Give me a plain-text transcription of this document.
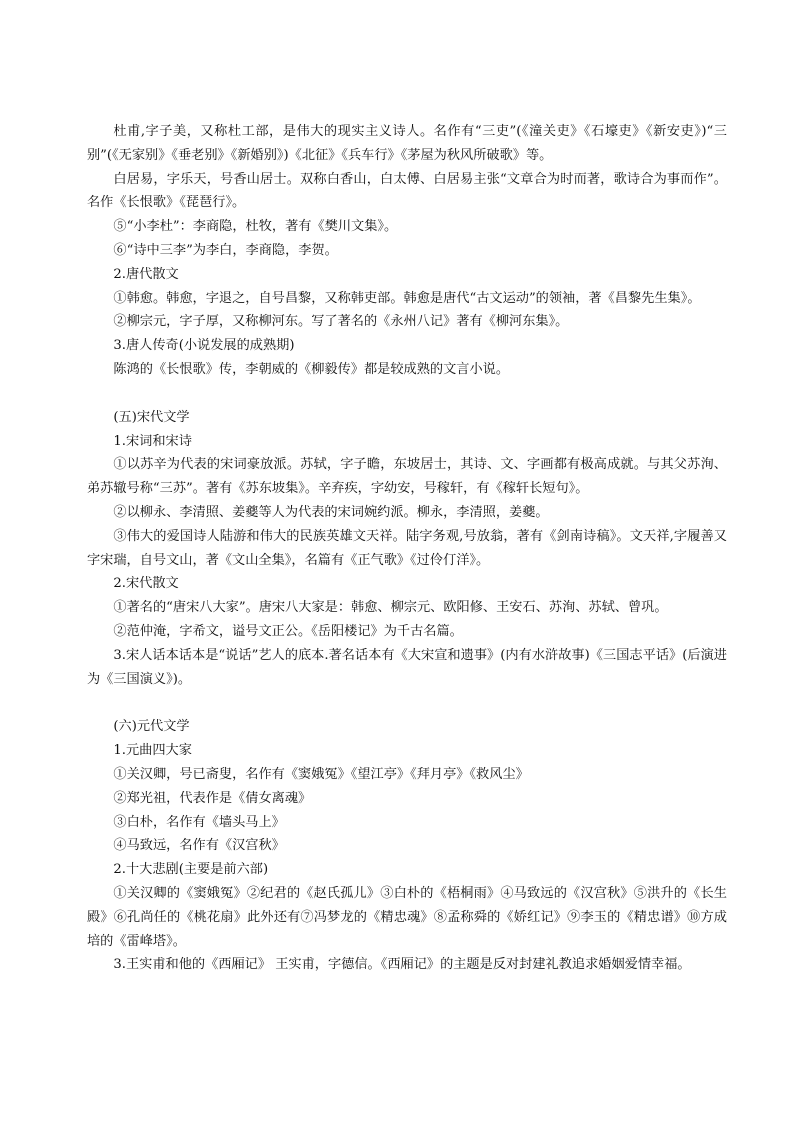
杜甫,字子美，又称杜工部，是伟大的现实主义诗人。名作有“三吏”(《潼关吏》《石壕吏》《新安吏》)“三别”(《无家别》《垂老别》《新婚别》)《北征》《兵车行》《茅屋为秋风所破歌》等。

白居易，字乐天，号香山居士。双称白香山，白太傅、白居易主张“文章合为时而著，歌诗合为事而作”。名作《长恨歌》《琵琶行》。

⑤“小李杜”：李商隐，杜牧，著有《樊川文集》。

⑥“诗中三李”为李白，李商隐，李贺。

2.唐代散文

①韩愈。韩愈，字退之，自号昌黎，又称韩吏部。韩愈是唐代“古文运动”的领袖，著《昌黎先生集》。

②柳宗元，字子厚，又称柳河东。写了著名的《永州八记》著有《柳河东集》。

3.唐人传奇(小说发展的成熟期)

陈鸿的《长恨歌》传，李朝威的《柳毅传》都是较成熟的文言小说。

(五)宋代文学

1.宋词和宋诗

①以苏辛为代表的宋词豪放派。苏轼，字子瞻，东坡居士，其诗、文、字画都有极高成就。与其父苏洵、弟苏辙号称“三苏”。著有《苏东坡集》。辛弃疾，字幼安，号稼轩，有《稼轩长短句》。

②以柳永、李清照、姜夔等人为代表的宋词婉约派。柳永，李清照，姜夔。

③伟大的爱国诗人陆游和伟大的民族英雄文天祥。陆字务观,号放翁，著有《剑南诗稿》。文天祥,字履善又字宋瑞，自号文山，著《文山全集》，名篇有《正气歌》《过伶仃洋》。

2.宋代散文

①著名的“唐宋八大家”。唐宋八大家是：韩愈、柳宗元、欧阳修、王安石、苏洵、苏轼、曾巩。

②范仲淹，字希文，谥号文正公。《岳阳楼记》为千古名篇。

3.宋人话本话本是“说话”艺人的底本.著名话本有《大宋宣和遗事》(内有水浒故事)《三国志平话》(后演进为《三国演义》)。

(六)元代文学

1.元曲四大家

①关汉卿，号已斋叟，名作有《窦娥冤》《望江亭》《拜月亭》《救风尘》

②郑光祖，代表作是《倩女离魂》

③白朴，名作有《墙头马上》

④马致远，名作有《汉宫秋》

2.十大悲剧(主要是前六部)

①关汉卿的《窦娥冤》②纪君的《赵氏孤儿》③白朴的《梧桐雨》④马致远的《汉宫秋》⑤洪升的《长生殿》⑥孔尚任的《桃花扇》此外还有⑦冯梦龙的《精忠魂》⑧孟称舜的《娇红记》⑨李玉的《精忠谱》⑩方成培的《雷峰塔》。

3.王实甫和他的《西厢记》 王实甫，字德信。《西厢记》的主题是反对封建礼教追求婚姻爱情幸福。
